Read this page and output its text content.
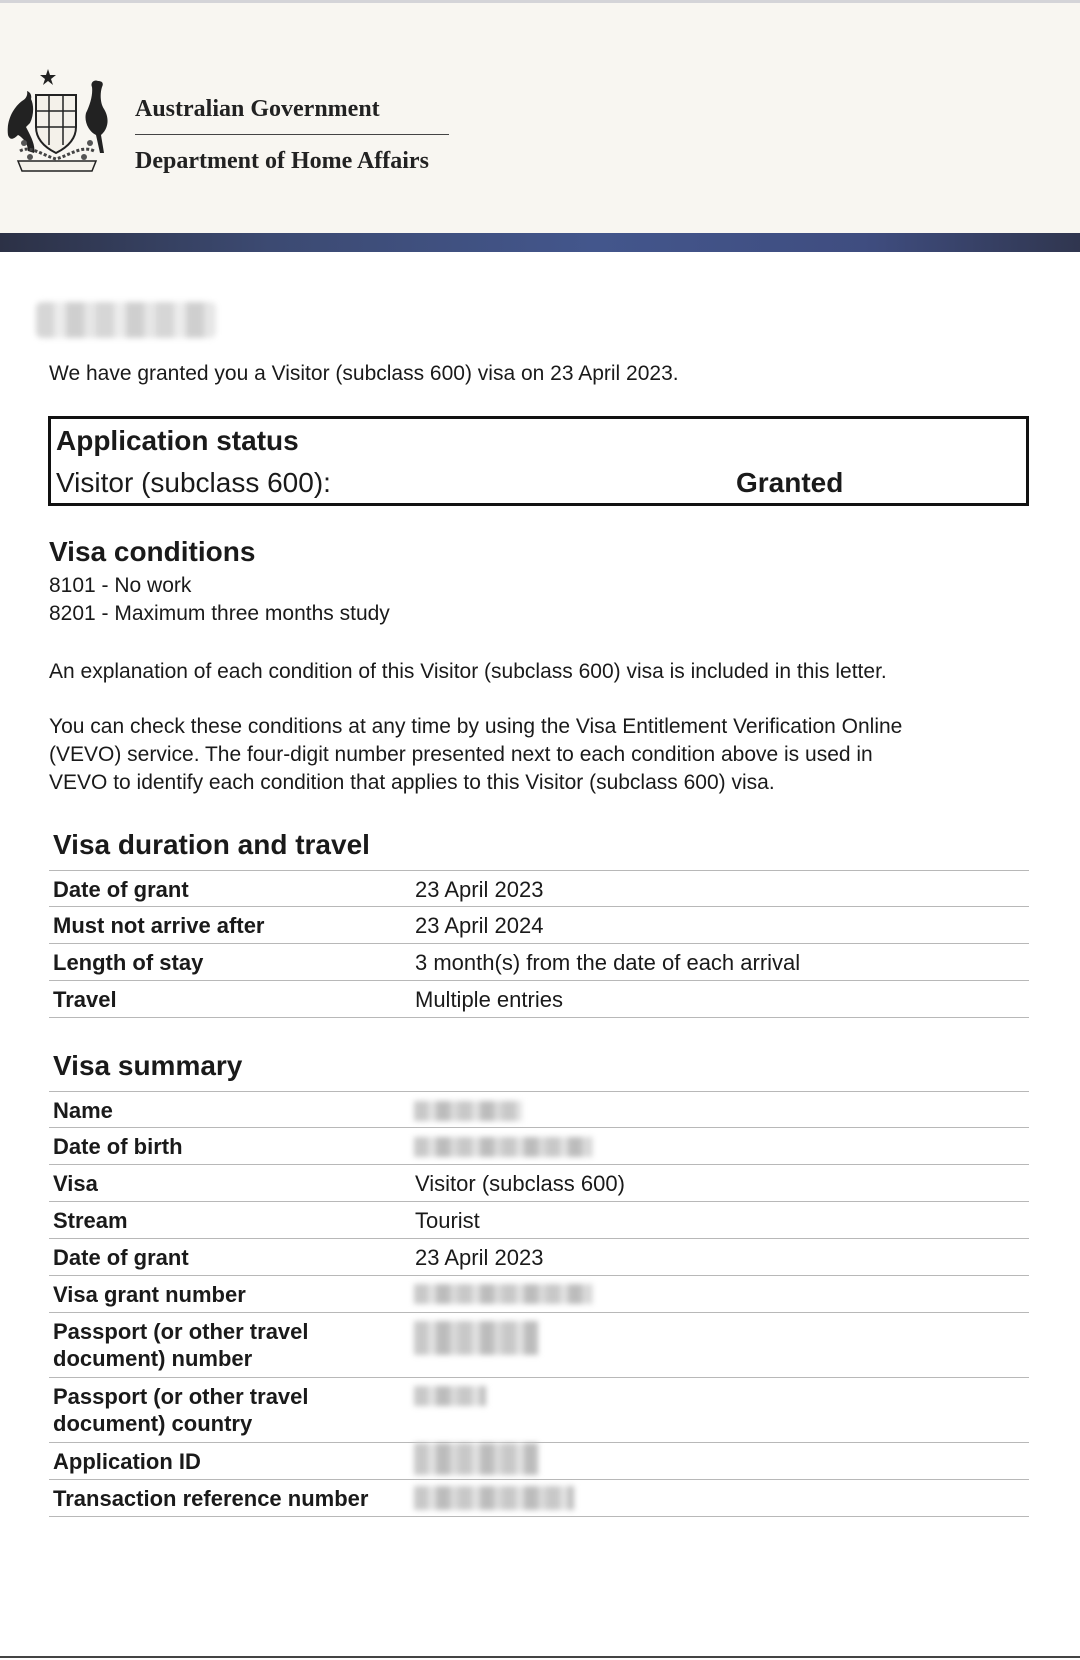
Australian Government
Department of Home Affairs
We have granted you a Visitor (subclass 600) visa on 23 April 2023.
Application status
Visitor (subclass 600):	Granted
Visa conditions
8101 - No work
8201 - Maximum three months study
An explanation of each condition of this Visitor (subclass 600) visa is included in this letter.
You can check these conditions at any time by using the Visa Entitlement Verification Online
(VEVO) service. The four-digit number presented next to each condition above is used in
VEVO to identify each condition that applies to this Visitor (subclass 600) visa.
Visa duration and travel
Date of grant	23 April 2023
Must not arrive after	23 April 2024
Length of stay	3 month(s) from the date of each arrival
Travel	Multiple entries
Visa summary
Name
Date of birth
Visa	Visitor (subclass 600)
Stream	Tourist
Date of grant	23 April 2023
Visa grant number
Passport (or other travel
document) number
Passport (or other travel
document) country
Application ID
Transaction reference number
